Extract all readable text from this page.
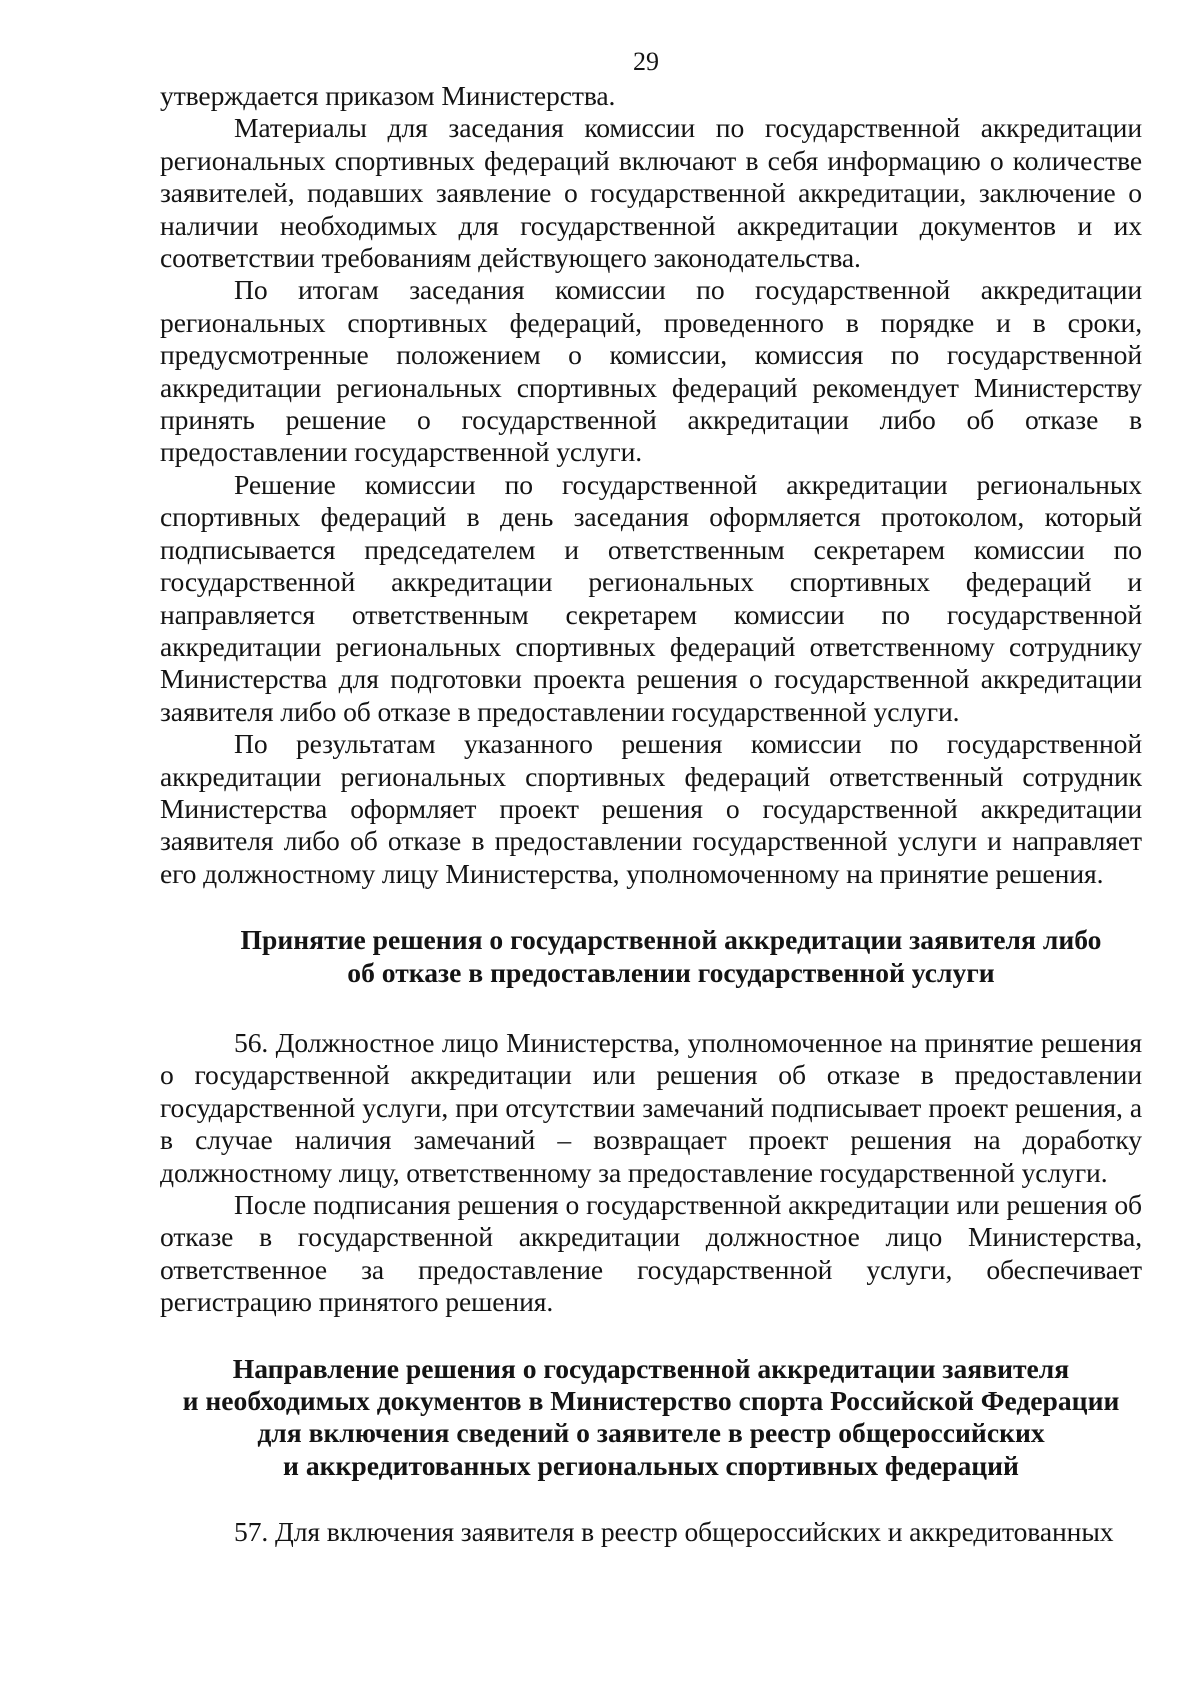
29

утверждается приказом Министерства.

Материалы для заседания комиссии по государственной аккредитации региональных спортивных федераций включают в себя информацию о количестве заявителей, подавших заявление о государственной аккредитации, заключение о наличии необходимых для государственной аккредитации документов и их соответствии требованиям действующего законодательства.

По итогам заседания комиссии по государственной аккредитации региональных спортивных федераций, проведенного в порядке и в сроки, предусмотренные положением о комиссии, комиссия по государственной аккредитации региональных спортивных федераций рекомендует Министерству принять решение о государственной аккредитации либо об отказе в предоставлении государственной услуги.

Решение комиссии по государственной аккредитации региональных спортивных федераций в день заседания оформляется протоколом, который подписывается председателем и ответственным секретарем комиссии по государственной аккредитации региональных спортивных федераций и направляется ответственным секретарем комиссии по государственной аккредитации региональных спортивных федераций ответственному сотруднику Министерства для подготовки проекта решения о государственной аккредитации заявителя либо об отказе в предоставлении государственной услуги.

По результатам указанного решения комиссии по государственной аккредитации региональных спортивных федераций ответственный сотрудник Министерства оформляет проект решения о государственной аккредитации заявителя либо об отказе в предоставлении государственной услуги и направляет его должностному лицу Министерства, уполномоченному на принятие решения.

Принятие решения о государственной аккредитации заявителя либо
об отказе в предоставлении государственной услуги

56. Должностное лицо Министерства, уполномоченное на принятие решения о государственной аккредитации или решения об отказе в предоставлении государственной услуги, при отсутствии замечаний подписывает проект решения, а в случае наличия замечаний – возвращает проект решения на доработку должностному лицу, ответственному за предоставление государственной услуги.

После подписания решения о государственной аккредитации или решения об отказе в государственной аккредитации должностное лицо Министерства, ответственное за предоставление государственной услуги, обеспечивает регистрацию принятого решения.

Направление решения о государственной аккредитации заявителя
и необходимых документов в Министерство спорта Российской Федерации
для включения сведений о заявителе в реестр общероссийских
и аккредитованных региональных спортивных федераций

57. Для включения заявителя в реестр общероссийских и аккредитованных
